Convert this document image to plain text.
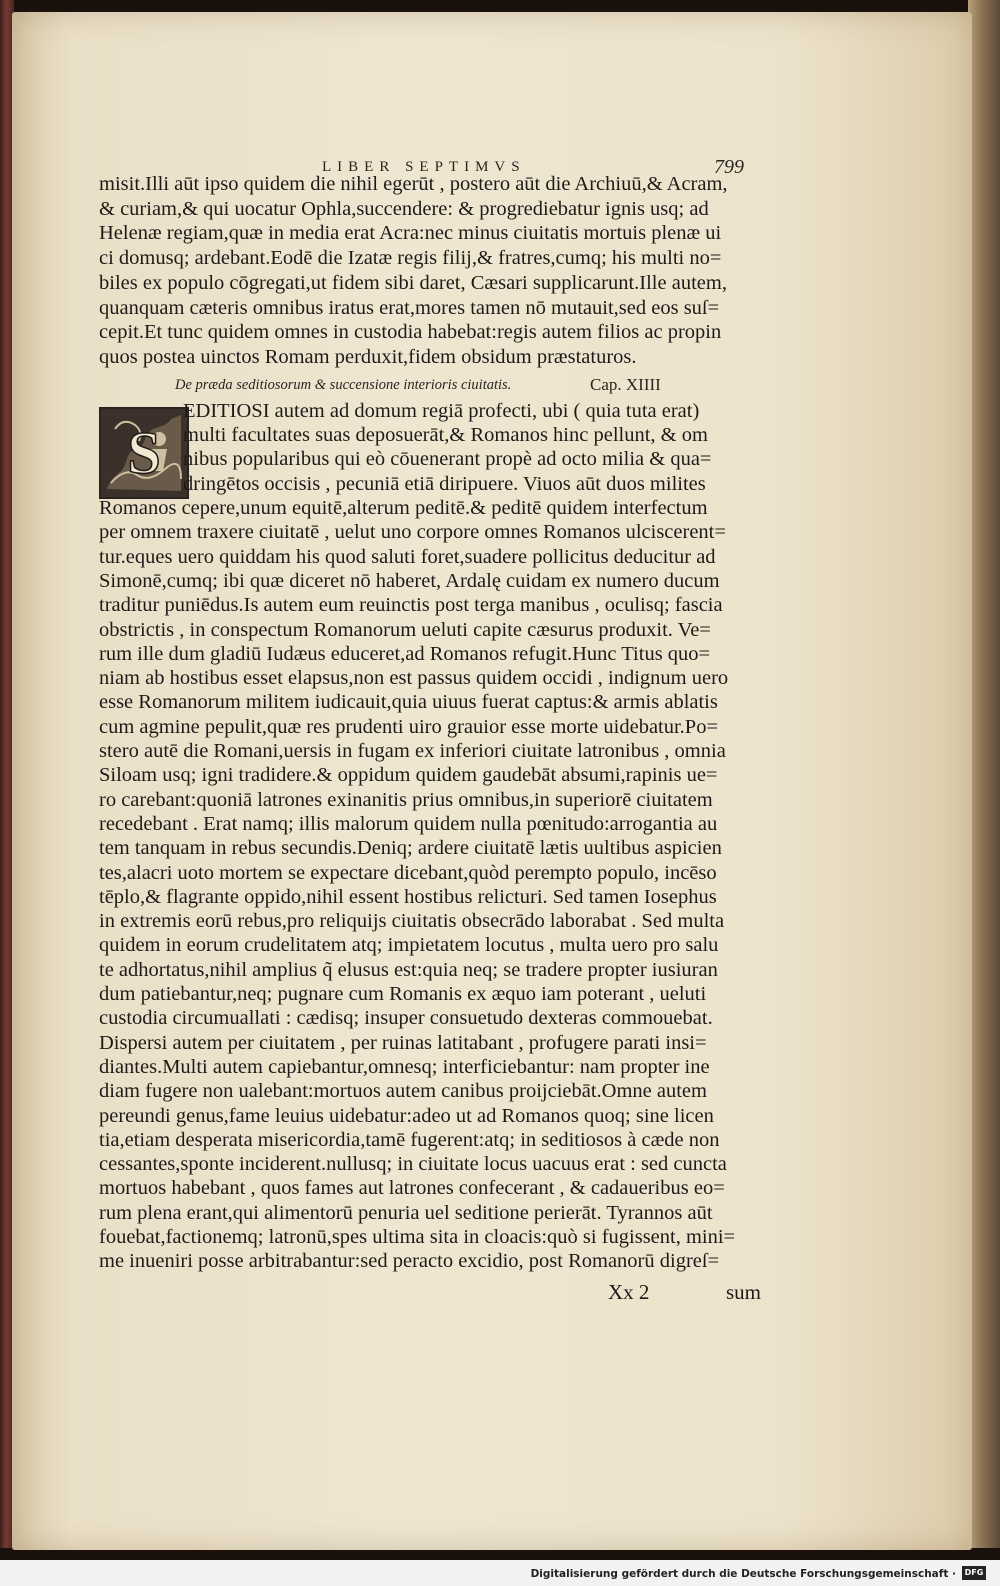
LIBER SEPTIMVS	799
misit.Illi aūt ipso quidem die nihil egerūt , postero aūt die Archiuū,& Acram,
& curiam,& qui uocatur Ophla,succendere: & progrediebatur ignis usq; ad
Helenæ regiam,quæ in media erat Acra:nec minus ciuitatis mortuis plenæ ui
ci domusq; ardebant.Eodē die Izatæ regis filij,& fratres,cumq; his multi no=
biles ex populo cōgregati,ut fidem sibi daret, Cæsari supplicarunt.Ille autem,
quanquam cæteris omnibus iratus erat,mores tamen nō mutauit,sed eos suſ=
cepit.Et tunc quidem omnes in custodia habebat:regis autem filios ac propin
quos postea uinctos Romam perduxit,fidem obsidum præstaturos.
De præda seditiosorum & succensione interioris ciuitatis.	Cap. XIIII
S
EDITIOSI autem ad domum regiā profecti, ubi ( quia tuta erat)
multi facultates suas deposuerāt,& Romanos hinc pellunt, & om
nibus popularibus qui eò cōuenerant propè ad octo milia & qua=
dringētos occisis , pecuniā etiā diripuere. Viuos aūt duos milites
Romanos cepere,unum equitē,alterum peditē.& peditē quidem interfectum
per omnem traxere ciuitatē , uelut uno corpore omnes Romanos ulciscerent=
tur.eques uero quiddam his quod saluti foret,suadere pollicitus deducitur ad
Simonē,cumq; ibi quæ diceret nō haberet, Ardalę cuidam ex numero ducum
traditur puniēdus.Is autem eum reuinctis post terga manibus , oculisq; fascia
obstrictis , in conspectum Romanorum ueluti capite cæsurus produxit. Ve=
rum ille dum gladiū Iudæus educeret,ad Romanos refugit.Hunc Titus quo=
niam ab hostibus esset elapsus,non est passus quidem occidi , indignum uero
esse Romanorum militem iudicauit,quia uiuus fuerat captus:& armis ablatis
cum agmine pepulit,quæ res prudenti uiro grauior esse morte uidebatur.Po=
stero autē die Romani,uersis in fugam ex inferiori ciuitate latronibus , omnia
Siloam usq; igni tradidere.& oppidum quidem gaudebāt absumi,rapinis ue=
ro carebant:quoniā latrones exinanitis prius omnibus,in superiorē ciuitatem
recedebant . Erat namq; illis malorum quidem nulla pœnitudo:arrogantia au
tem tanquam in rebus secundis.Deniq; ardere ciuitatē lætis uultibus aspicien
tes,alacri uoto mortem se expectare dicebant,quòd perempto populo, incēso
tēplo,& flagrante oppido,nihil essent hostibus relicturi. Sed tamen Iosephus
in extremis eorū rebus,pro reliquijs ciuitatis obsecrādo laborabat . Sed multa
quidem in eorum crudelitatem atq; impietatem locutus , multa uero pro salu
te adhortatus,nihil amplius q̃ elusus est:quia neq; se tradere propter iusiuran
dum patiebantur,neq; pugnare cum Romanis ex æquo iam poterant , ueluti
custodia circumuallati : cædisq; insuper consuetudo dexteras commouebat.
Dispersi autem per ciuitatem , per ruinas latitabant , profugere parati insi=
diantes.Multi autem capiebantur,omnesq; interficiebantur: nam propter ine
diam fugere non ualebant:mortuos autem canibus proijciebāt.Omne autem
pereundi genus,fame leuius uidebatur:adeo ut ad Romanos quoq; sine licen
tia,etiam desperata misericordia,tamē fugerent:atq; in seditiosos à cæde non
cessantes,sponte inciderent.nullusq; in ciuitate locus uacuus erat : sed cuncta
mortuos habebant , quos fames aut latrones confecerant , & cadaueribus eo=
rum plena erant,qui alimentorū penuria uel seditione perierāt. Tyrannos aūt
fouebat,factionemq; latronū,spes ultima sita in cloacis:quò si fugissent, mini=
me inueniri posse arbitrabantur:sed peracto excidio, post Romanorū digreſ=
Xx 2	sum
Digitalisierung gefördert durch die Deutsche Forschungsgemeinschaft ·	DFG
